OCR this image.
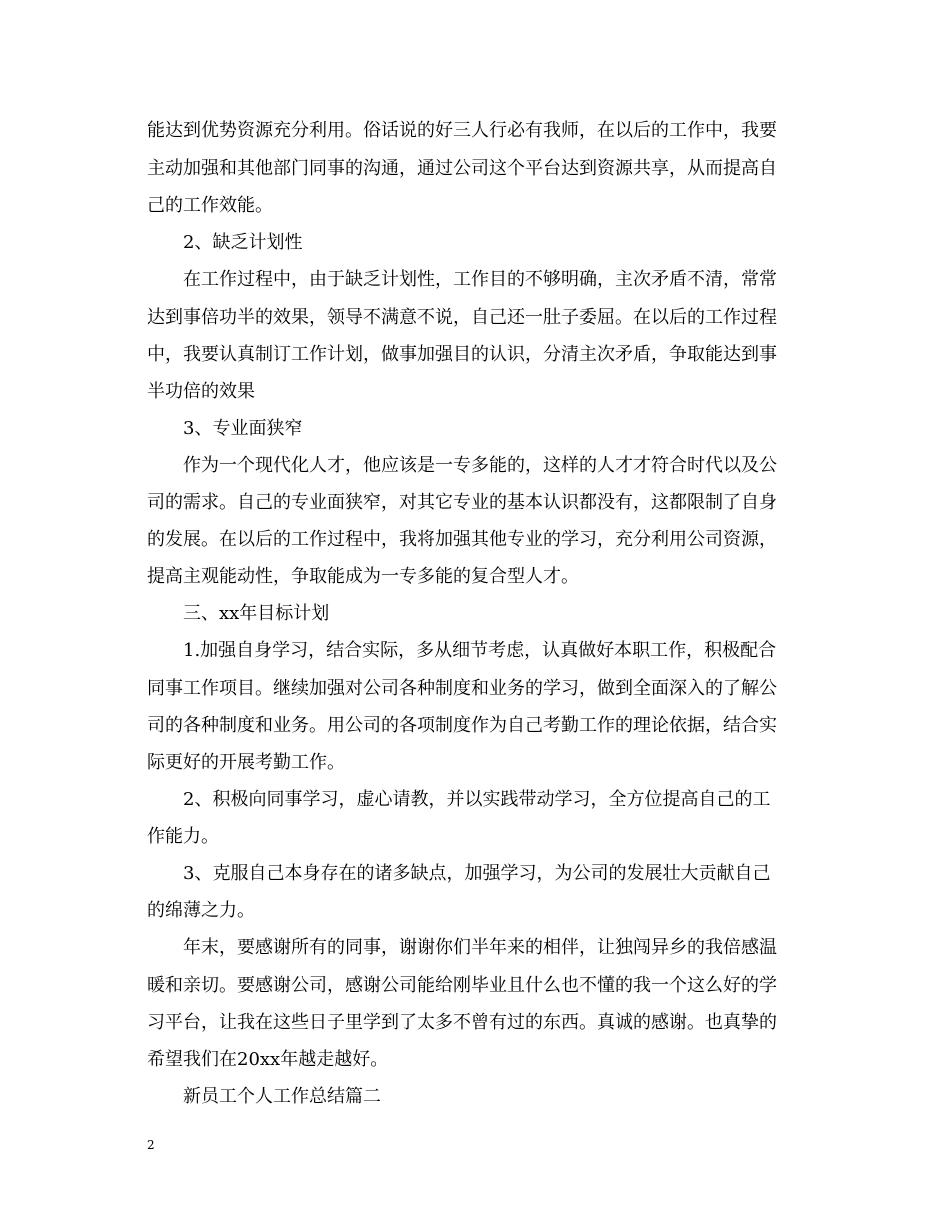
能达到优势资源充分利用。俗话说的好三人行必有我师，在以后的工作中，我要
主动加强和其他部门同事的沟通，通过公司这个平台达到资源共享，从而提高自
己的工作效能。
2、缺乏计划性
在工作过程中，由于缺乏计划性，工作目的不够明确，主次矛盾不清，常常
达到事倍功半的效果，领导不满意不说，自己还一肚子委屈。在以后的工作过程
中，我要认真制订工作计划，做事加强目的认识，分清主次矛盾，争取能达到事
半功倍的效果
3、专业面狭窄
作为一个现代化人才，他应该是一专多能的，这样的人才才符合时代以及公
司的需求。自己的专业面狭窄，对其它专业的基本认识都没有，这都限制了自身
的发展。在以后的工作过程中，我将加强其他专业的学习，充分利用公司资源，
提高主观能动性，争取能成为一专多能的复合型人才。
三、xx年目标计划
1.加强自身学习，结合实际，多从细节考虑，认真做好本职工作，积极配合
同事工作项目。继续加强对公司各种制度和业务的学习，做到全面深入的了解公
司的各种制度和业务。用公司的各项制度作为自己考勤工作的理论依据，结合实
际更好的开展考勤工作。
2、积极向同事学习，虚心请教，并以实践带动学习，全方位提高自己的工
作能力。
3、克服自己本身存在的诸多缺点，加强学习，为公司的发展壮大贡献自己
的绵薄之力。
年末，要感谢所有的同事，谢谢你们半年来的相伴，让独闯异乡的我倍感温
暖和亲切。要感谢公司，感谢公司能给刚毕业且什么也不懂的我一个这么好的学
习平台，让我在这些日子里学到了太多不曾有过的东西。真诚的感谢。也真挚的
希望我们在20xx年越走越好。
新员工个人工作总结篇二
2
